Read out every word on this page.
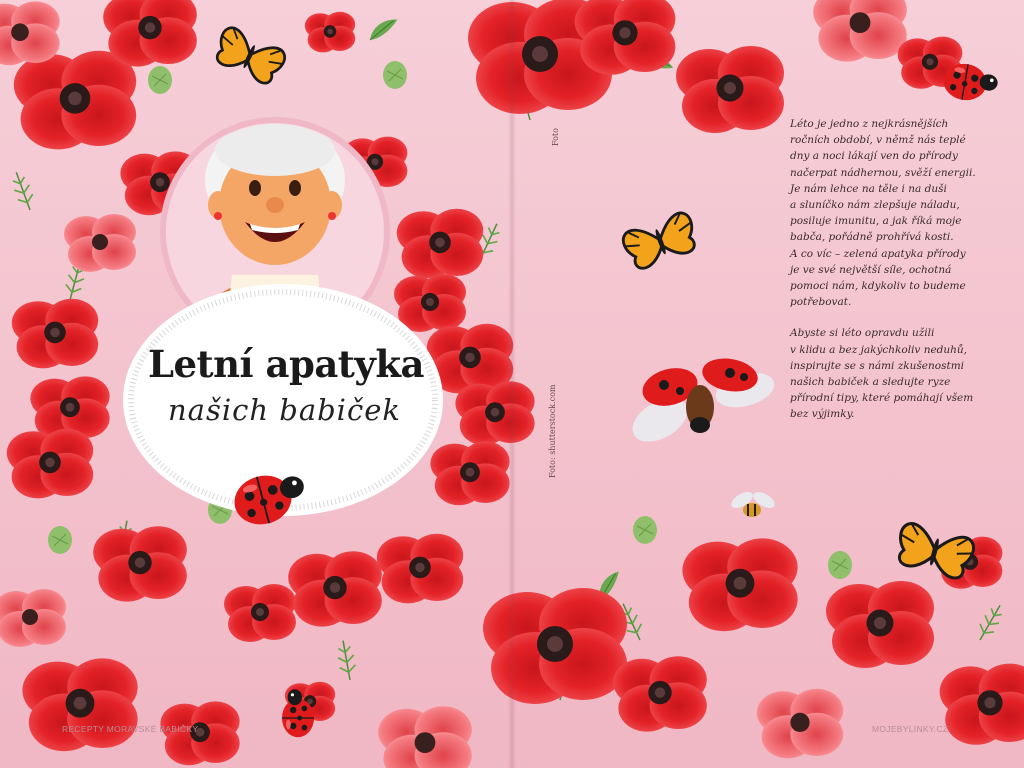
Letní apatyka
našich babiček	Foto: shutterstock.com
Foto

Léto je jedno z nejkrásnějších
ročních období, v němž nás teplé
dny a noci lákají ven do přírody
načerpat nádhernou, svěží energii.
Je nám lehce na těle i na duši
a sluníčko nám zlepšuje náladu,
posiluje imunitu, a jak říká moje
babča, pořádně prohřívá kosti.
A co víc – zelená apatyka přírody
je ve své největší síle, ochotná
pomoci nám, kdykoliv to budeme
potřebovat.

Abyste si léto opravdu užili
v klidu a bez jakýchkoliv neduhů,
inspirujte se s námi zkušenostmi
našich babiček a sledujte ryze
přírodní tipy, které pomáhají všem
bez výjimky.

RECEPTY MORAVSKÉ BABIČKY	MOJEBYLINKY.CZ
